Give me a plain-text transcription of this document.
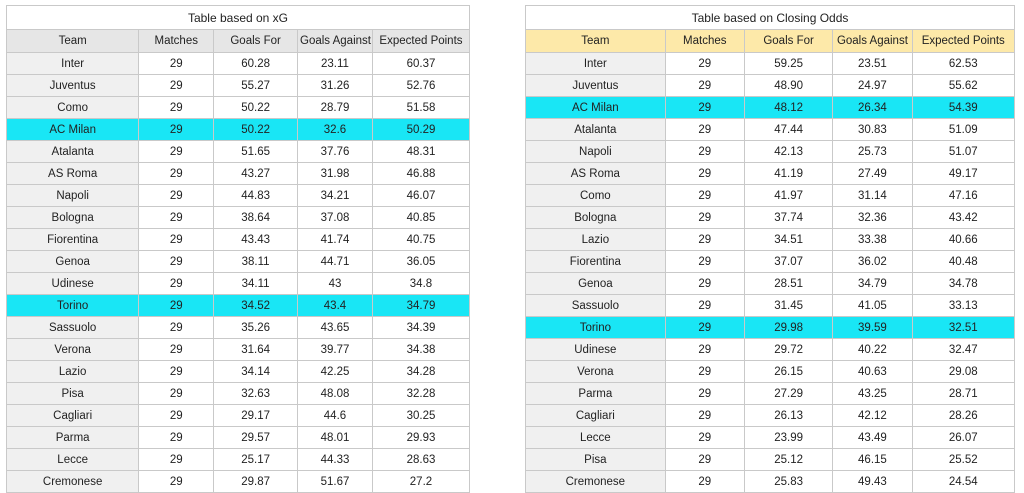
Table based on xG				
Team	Matches	Goals For	Goals Against	Expected Points
Inter	29	60.28	23.11	60.37
Juventus	29	55.27	31.26	52.76
Como	29	50.22	28.79	51.58
AC Milan	29	50.22	32.6	50.29
Atalanta	29	51.65	37.76	48.31
AS Roma	29	43.27	31.98	46.88
Napoli	29	44.83	34.21	46.07
Bologna	29	38.64	37.08	40.85
Fiorentina	29	43.43	41.74	40.75
Genoa	29	38.11	44.71	36.05
Udinese	29	34.11	43	34.8
Torino	29	34.52	43.4	34.79
Sassuolo	29	35.26	43.65	34.39
Verona	29	31.64	39.77	34.38
Lazio	29	34.14	42.25	34.28
Pisa	29	32.63	48.08	32.28
Cagliari	29	29.17	44.6	30.25
Parma	29	29.57	48.01	29.93
Lecce	29	25.17	44.33	28.63
Cremonese	29	29.87	51.67	27.2
Table based on Closing Odds				
Team	Matches	Goals For	Goals Against	Expected Points
Inter	29	59.25	23.51	62.53
Juventus	29	48.90	24.97	55.62
AC Milan	29	48.12	26.34	54.39
Atalanta	29	47.44	30.83	51.09
Napoli	29	42.13	25.73	51.07
AS Roma	29	41.19	27.49	49.17
Como	29	41.97	31.14	47.16
Bologna	29	37.74	32.36	43.42
Lazio	29	34.51	33.38	40.66
Fiorentina	29	37.07	36.02	40.48
Genoa	29	28.51	34.79	34.78
Sassuolo	29	31.45	41.05	33.13
Torino	29	29.98	39.59	32.51
Udinese	29	29.72	40.22	32.47
Verona	29	26.15	40.63	29.08
Parma	29	27.29	43.25	28.71
Cagliari	29	26.13	42.12	28.26
Lecce	29	23.99	43.49	26.07
Pisa	29	25.12	46.15	25.52
Cremonese	29	25.83	49.43	24.54
